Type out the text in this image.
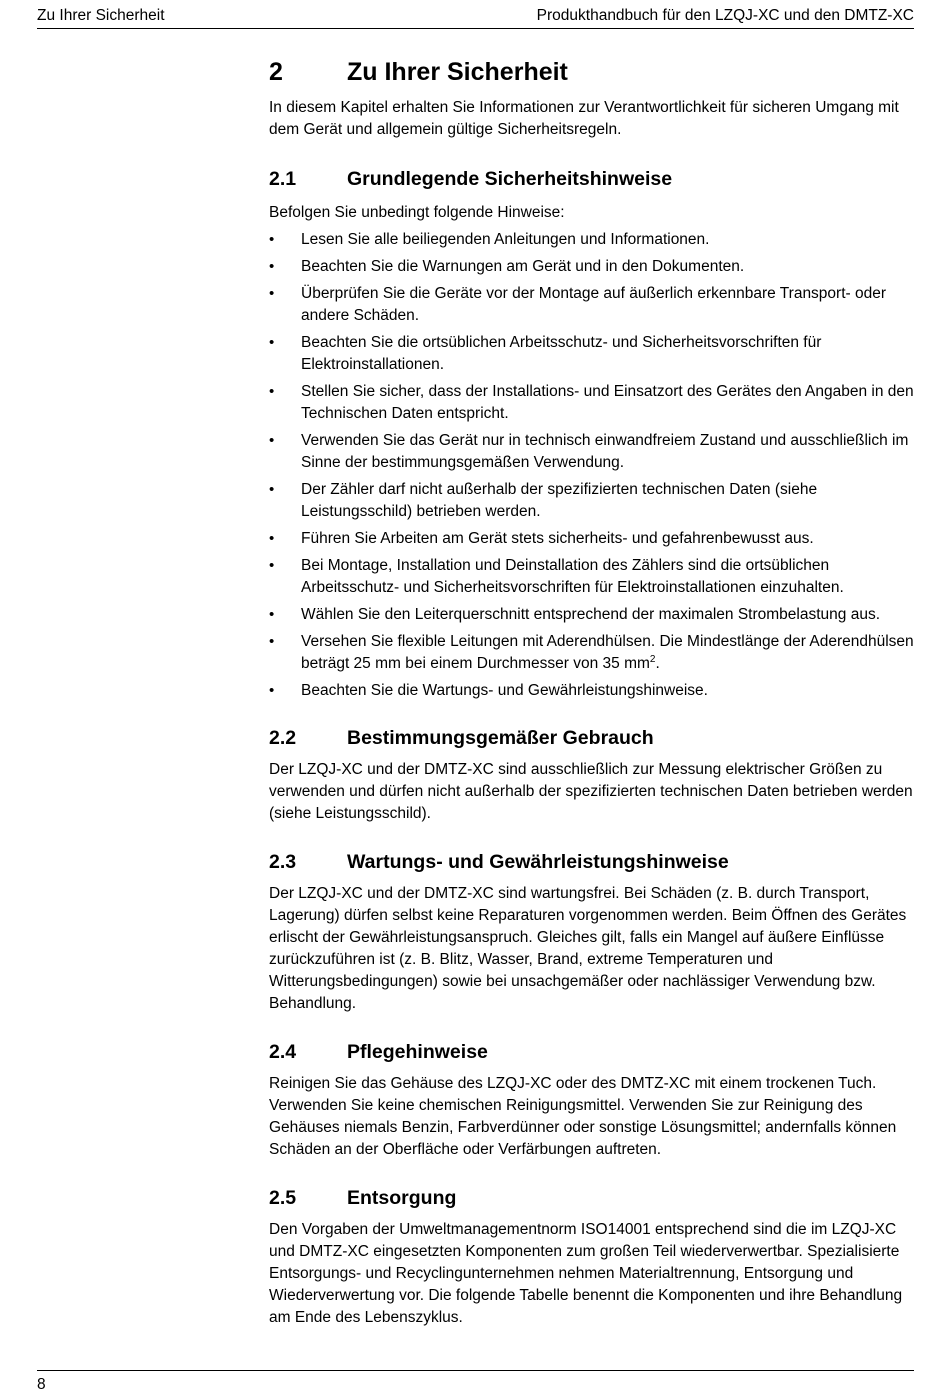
Zu Ihrer Sicherheit	Produkthandbuch für den LZQJ-XC und den DMTZ-XC
2	Zu Ihrer Sicherheit

In diesem Kapitel erhalten Sie Informationen zur Verantwortlichkeit für sicheren Umgang mit dem Gerät und allgemein gültige Sicherheitsregeln.

2.1	Grundlegende Sicherheitshinweise

Befolgen Sie unbedingt folgende Hinweise:

• Lesen Sie alle beiliegenden Anleitungen und Informationen.
• Beachten Sie die Warnungen am Gerät und in den Dokumenten.
• Überprüfen Sie die Geräte vor der Montage auf äußerlich erkennbare Transport- oder andere Schäden.
• Beachten Sie die ortsüblichen Arbeitsschutz- und Sicherheitsvorschriften für Elektroinstallationen.
• Stellen Sie sicher, dass der Installations- und Einsatzort des Gerätes den Angaben in den Technischen Daten entspricht.
• Verwenden Sie das Gerät nur in technisch einwandfreiem Zustand und ausschließlich im Sinne der bestimmungsgemäßen Verwendung.
• Der Zähler darf nicht außerhalb der spezifizierten technischen Daten (siehe Leistungsschild) betrieben werden.
• Führen Sie Arbeiten am Gerät stets sicherheits- und gefahrenbewusst aus.
• Bei Montage, Installation und Deinstallation des Zählers sind die ortsüblichen Arbeitsschutz- und Sicherheitsvorschriften für Elektroinstallationen einzuhalten.
• Wählen Sie den Leiterquerschnitt entsprechend der maximalen Strombelastung aus.
• Versehen Sie flexible Leitungen mit Aderendhülsen. Die Mindestlänge der Aderendhülsen beträgt 25 mm bei einem Durchmesser von 35 $mm^2$.
• Beachten Sie die Wartungs- und Gewährleistungshinweise.
2.2	Bestimmungsgemäßer Gebrauch

Der LZQJ-XC und der DMTZ-XC sind ausschließlich zur Messung elektrischer Größen zu verwenden und dürfen nicht außerhalb der spezifizierten technischen Daten betrieben werden (siehe Leistungsschild).

2.3	Wartungs- und Gewährleistungshinweise

Der LZQJ-XC und der DMTZ-XC sind wartungsfrei. Bei Schäden (z. B. durch Transport, Lagerung) dürfen selbst keine Reparaturen vorgenommen werden. Beim Öffnen des Gerätes erlischt der Gewährleistungsanspruch. Gleiches gilt, falls ein Mangel auf äußere Einflüsse zurückzuführen ist (z. B. Blitz, Wasser, Brand, extreme Temperaturen und Witterungsbedingungen) sowie bei unsachgemäßer oder nachlässiger Verwendung bzw. Behandlung.

2.4	Pflegehinweise

Reinigen Sie das Gehäuse des LZQJ-XC oder des DMTZ-XC mit einem trockenen Tuch. Verwenden Sie keine chemischen Reinigungsmittel. Verwenden Sie zur Reinigung des Gehäuses niemals Benzin, Farbverdünner oder sonstige Lösungsmittel; andernfalls können Schäden an der Oberfläche oder Verfärbungen auftreten.

2.5	Entsorgung

Den Vorgaben der Umweltmanagementnorm ISO14001 entsprechend sind die im LZQJ-XC und DMTZ-XC eingesetzten Komponenten zum großen Teil wiederverwertbar. Spezialisierte Entsorgungs- und Recyclingunternehmen nehmen Materialtrennung, Entsorgung und Wiederverwertung vor. Die folgende Tabelle benennt die Komponenten und ihre Behandlung am Ende des Lebenszyklus.

8
